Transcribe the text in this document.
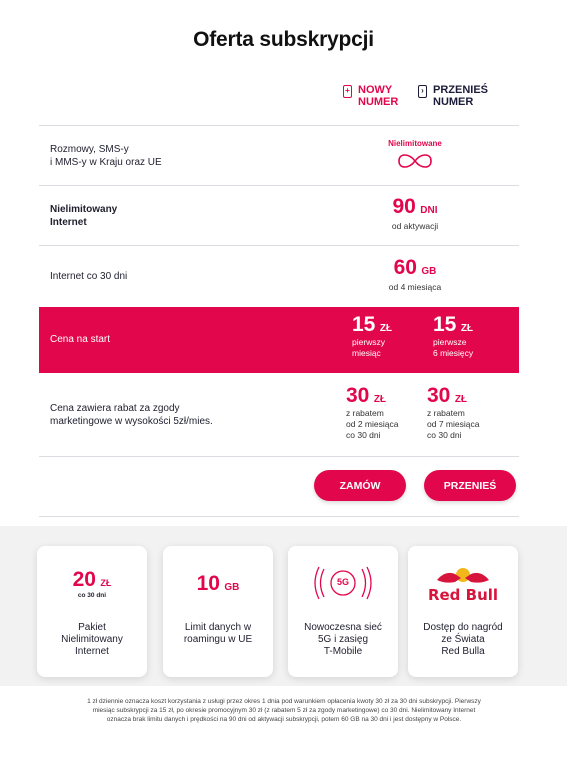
Oferta subskrypcji
+ NOWY
NUMER
› PRZENIEŚ
NUMER
Rozmowy, SMS-y
i MMS-y w Kraju oraz UE
Nielimitowane
Nielimitowany
Internet
90 DNI
od aktywacji
Internet co 30 dni	60 GB
od 4 miesiąca
Cena na start
15 ZŁ
pierwszy
miesiąc
15 ZŁ
pierwsze
6 miesięcy
Cena zawiera rabat za zgody
marketingowe w wysokości 5zł/mies.
30 ZŁ
z rabatem
od 2 miesiąca
co 30 dni
30 ZŁ
z rabatem
od 7 miesiąca
co 30 dni
ZAMÓW	PRZENIEŚ
20 ZŁ
co 30 dni
Pakiet
Nielimitowany
Internet
10 GB
Limit danych w
roamingu w UE
5G
Nowoczesna sieć
5G i zasięg
T-Mobile
Red Bull
Dostęp do nagród
ze Świata
Red Bulla
1 zł dziennie oznacza koszt korzystania z usługi przez okres 1 dnia pod warunkiem opłacenia kwoty 30 zł za 30 dni subskrypcji. Pierwszy miesiąc subskrypcji za 15 zł, po okresie promocyjnym 30 zł (z rabatem 5 zł za zgody marketingowe) co 30 dni. Nielimitowany Internet oznacza brak limitu danych i prędkości na 90 dni od aktywacji subskrypcji, potem 60 GB na 30 dni i jest dostępny w Polsce.
